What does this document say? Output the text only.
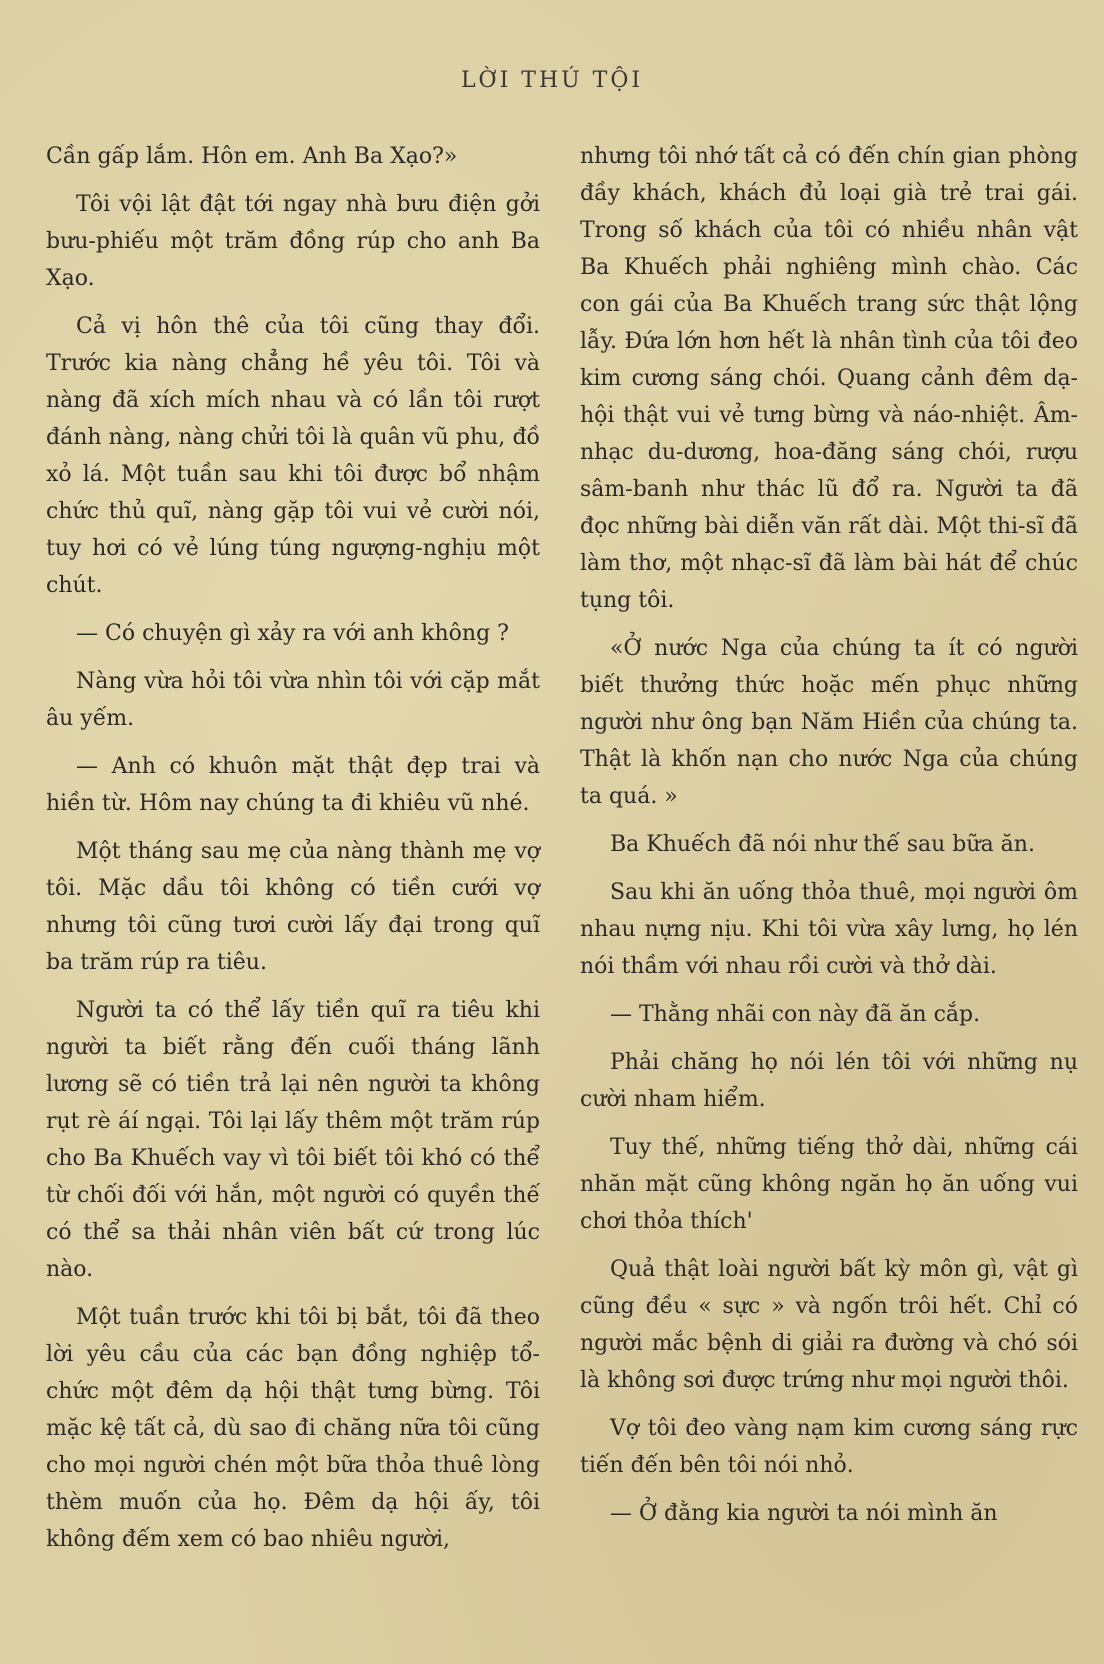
LỜI THÚ TỘI

Cần gấp lắm. Hôn em. Anh Ba Xạo?»

Tôi vội lật đật tới ngay nhà bưu điện gởi bưu-phiếu một trăm đồng rúp cho anh Ba Xạo.

Cả vị hôn thê của tôi cũng thay đổi. Trước kia nàng chẳng hề yêu tôi. Tôi và nàng đã xích mích nhau và có lần tôi rượt đánh nàng, nàng chửi tôi là quân vũ phu, đồ xỏ lá. Một tuần sau khi tôi được bổ nhậm chức thủ quĩ, nàng gặp tôi vui vẻ cười nói, tuy hơi có vẻ lúng túng ngượng-nghịu một chút.

— Có chuyện gì xảy ra với anh không ?

Nàng vừa hỏi tôi vừa nhìn tôi với cặp mắt âu yếm.

— Anh có khuôn mặt thật đẹp trai và hiền từ. Hôm nay chúng ta đi khiêu vũ nhé.

Một tháng sau mẹ của nàng thành mẹ vợ tôi. Mặc dầu tôi không có tiền cưới vợ nhưng tôi cũng tươi cười lấy đại trong quĩ ba trăm rúp ra tiêu.

Người ta có thể lấy tiền quĩ ra tiêu khi người ta biết rằng đến cuối tháng lãnh lương sẽ có tiền trả lại nên người ta không rụt rè áí ngại. Tôi lại lấy thêm một trăm rúp cho Ba Khuếch vay vì tôi biết tôi khó có thể từ chối đối với hắn, một người có quyền thế có thể sa thải nhân viên bất cứ trong lúc nào.

Một tuần trước khi tôi bị bắt, tôi đã theo lời yêu cầu của các bạn đồng nghiệp tổ-chức một đêm dạ hội thật tưng bừng. Tôi mặc kệ tất cả, dù sao đi chăng nữa tôi cũng cho mọi người chén một bữa thỏa thuê lòng thèm muốn của họ. Đêm dạ hội ấy, tôi không đếm xem có bao nhiêu người,

nhưng tôi nhớ tất cả có đến chín gian phòng đầy khách, khách đủ loại già trẻ trai gái. Trong số khách của tôi có nhiều nhân vật Ba Khuếch phải nghiêng mình chào. Các con gái của Ba Khuếch trang sức thật lộng lẫy. Đứa lớn hơn hết là nhân tình của tôi đeo kim cương sáng chói. Quang cảnh đêm dạ-hội thật vui vẻ tưng bừng và náo-nhiệt. Âm-nhạc du-dương, hoa-đăng sáng chói, rượu sâm-banh như thác lũ đổ ra. Người ta đã đọc những bài diễn văn rất dài. Một thi-sĩ đã làm thơ, một nhạc-sĩ đã làm bài hát để chúc tụng tôi.

«Ở nước Nga của chúng ta ít có người biết thưởng thức hoặc mến phục những người như ông bạn Năm Hiền của chúng ta. Thật là khốn nạn cho nước Nga của chúng ta quá. »

Ba Khuếch đã nói như thế sau bữa ăn.

Sau khi ăn uống thỏa thuê, mọi người ôm nhau nựng nịu. Khi tôi vừa xây lưng, họ lén nói thầm với nhau rồi cười và thở dài.

— Thằng nhãi con này đã ăn cắp.

Phải chăng họ nói lén tôi với những nụ cười nham hiểm.

Tuy thế, những tiếng thở dài, những cái nhăn mặt cũng không ngăn họ ăn uống vui chơi thỏa thích'

Quả thật loài người bất kỳ môn gì, vật gì cũng đều « sực » và ngốn trôi hết. Chỉ có người mắc bệnh di giải ra đường và chó sói là không sơi được trứng như mọi người thôi.

Vợ tôi đeo vàng nạm kim cương sáng rực tiến đến bên tôi nói nhỏ.

— Ở đằng kia người ta nói mình ăn
